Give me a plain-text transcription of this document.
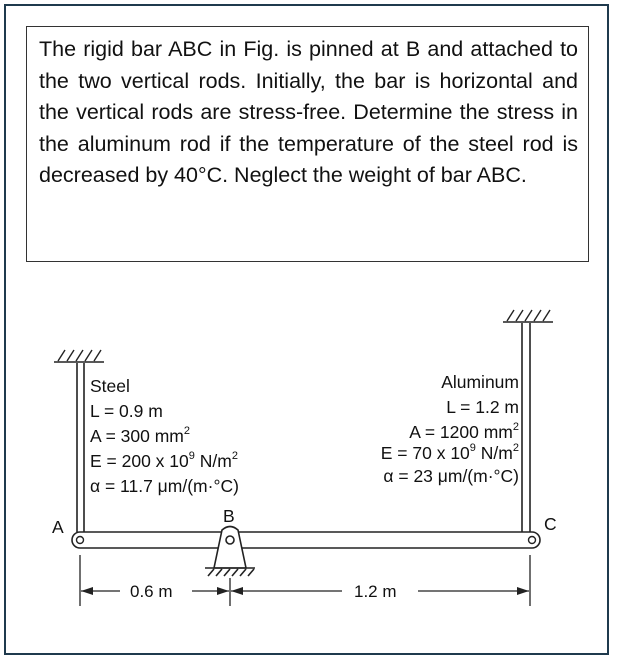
The rigid bar ABC in Fig. is pinned at B and attached to the two vertical rods. Initially, the bar is horizontal and the vertical rods are stress-free. Determine the stress in the aluminum rod if the temperature of the steel rod is decreased by 40°C. Neglect the weight of bar ABC.

A
B	C
Steel
L = 0.9 m
A = 300 $mm^2$
E = 200 x $10^9$ $N/m^2$
α = 11.7 μm/(m·°C)
Aluminum
L = 1.2 m
A = 1200 $mm^2$
E = 70 x $10^9$ $N/m^2$
α = 23 μm/(m·°C)
0.6 m	1.2 m
